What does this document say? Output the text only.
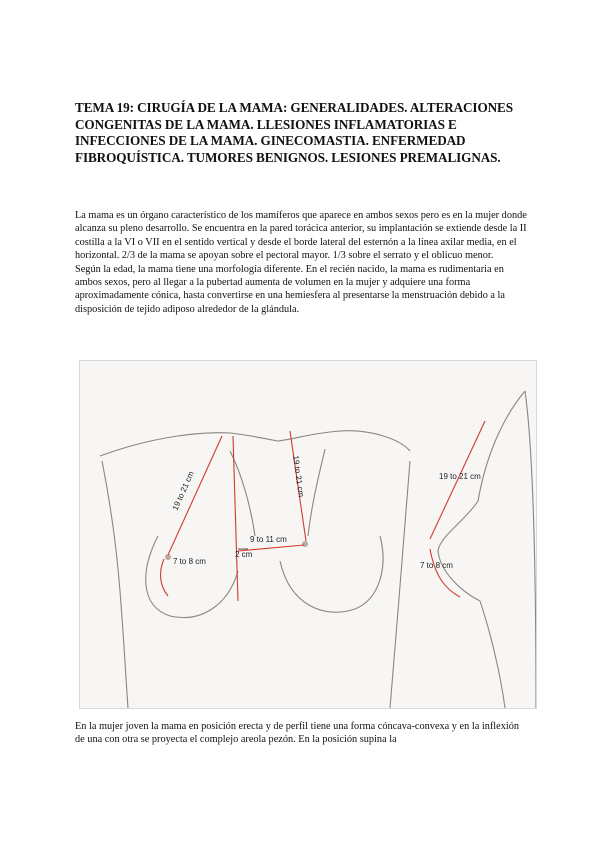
TEMA 19: CIRUGÍA DE LA MAMA: GENERALIDADES. ALTERACIONES CONGENITAS DE LA MAMA. LLESIONES INFLAMATORIAS E INFECCIONES DE LA MAMA. GINECOMASTIA. ENFERMEDAD FIBROQUÍSTICA. TUMORES BENIGNOS. LESIONES PREMALIGNAS.

La mama es un órgano característico de los mamíferos que aparece en ambos sexos pero es en la mujer donde alcanza su pleno desarrollo. Se encuentra en la pared torácica anterior, su implantación se extiende desde la II costilla a la VI o VII en el sentido vertical y desde el borde lateral del esternón a la línea axilar media, en el horizontal. 2/3 de la mama se apoyan sobre el pectoral mayor. 1/3 sobre el serrato y el oblicuo menor.

Según la edad, la mama tiene una morfología diferente. En el recién nacido, la mama es rudimentaria en ambos sexos, pero al llegar a la pubertad aumenta de volumen en la mujer y adquiere una forma aproximadamente cónica, hasta convertirse en una hemiesfera al presentarse la menstruación debido a la disposición de tejido adiposo alrededor de la glándula.

19 to 21 cm	19 to 21 cm
9 to 11 cm
2 cm
7 to 8 cm
19 to 21 cm
7 to 8 cm

En la mujer joven la mama en posición erecta y de perfil tiene una forma cóncava-convexa y en la inflexión de una con otra se proyecta el complejo areola pezón. En la posición supina la
